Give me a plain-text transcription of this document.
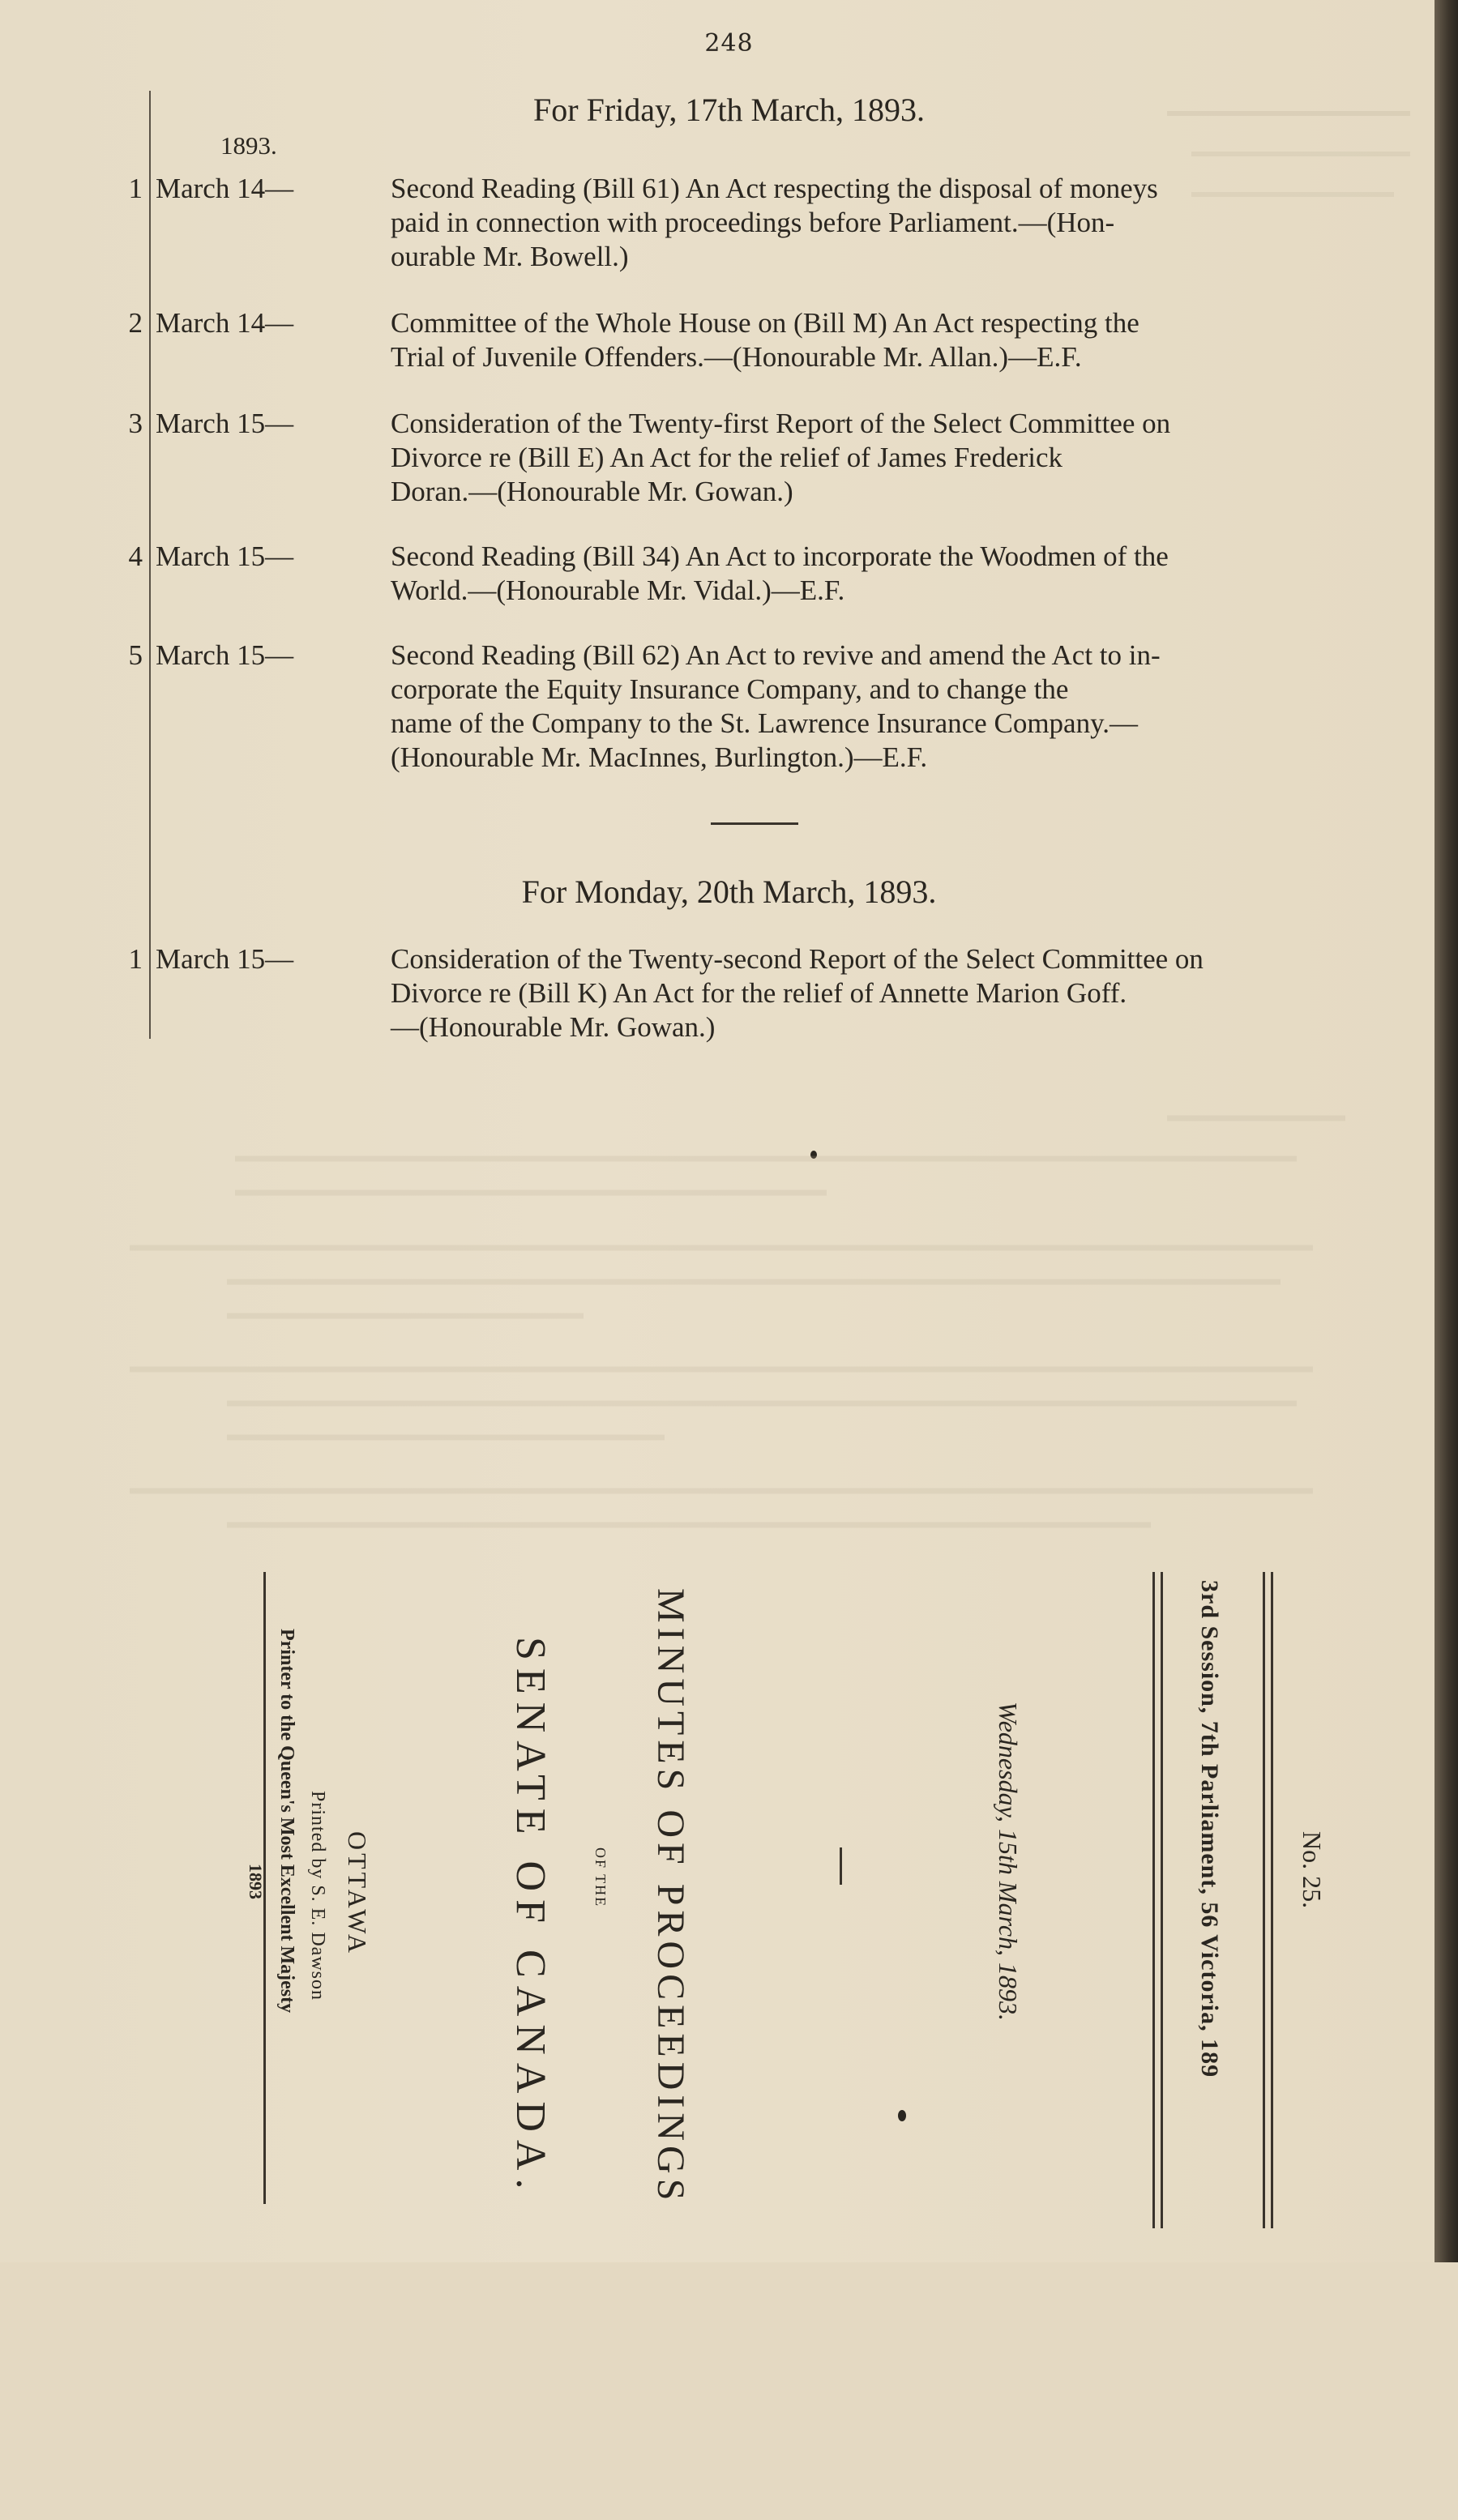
248
For Friday, 17th March, 1893.
1893.
1 March 14—	Second Reading (Bill 61) An Act respecting the disposal of moneys
paid in connection with proceedings before Parliament.—(Hon-
ourable Mr. Bowell.)
2 March 14—	Committee of the Whole House on (Bill M) An Act respecting the
Trial of Juvenile Offenders.—(Honourable Mr. Allan.)—E.F.
3 March 15—	Consideration of the Twenty-first Report of the Select Committee on
Divorce re (Bill E) An Act for the relief of James Frederick
Doran.—(Honourable Mr. Gowan.)
4 March 15—	Second Reading (Bill 34) An Act to incorporate the Woodmen of the
World.—(Honourable Mr. Vidal.)—E.F.
5 March 15—	Second Reading (Bill 62) An Act to revive and amend the Act to in-
corporate the Equity Insurance Company, and to change the
name of the Company to the St. Lawrence Insurance Company.—
(Honourable Mr. MacInnes, Burlington.)—E.F.
For Monday, 20th March, 1893.
1 March 15—	Consideration of the Twenty-second Report of the Select Committee on
Divorce re (Bill K) An Act for the relief of Annette Marion Goff.
—(Honourable Mr. Gowan.)
No. 25.
3rd Session, 7th Parliament, 56 Victoria, 189
Wednesday, 15th March, 1893.
MINUTES OF PROCEEDINGS
OF THE
SENATE OF CANADA.
OTTAWA
Printed by S. E. Dawson
Printer to the Queen's Most Excellent Majesty
1893
